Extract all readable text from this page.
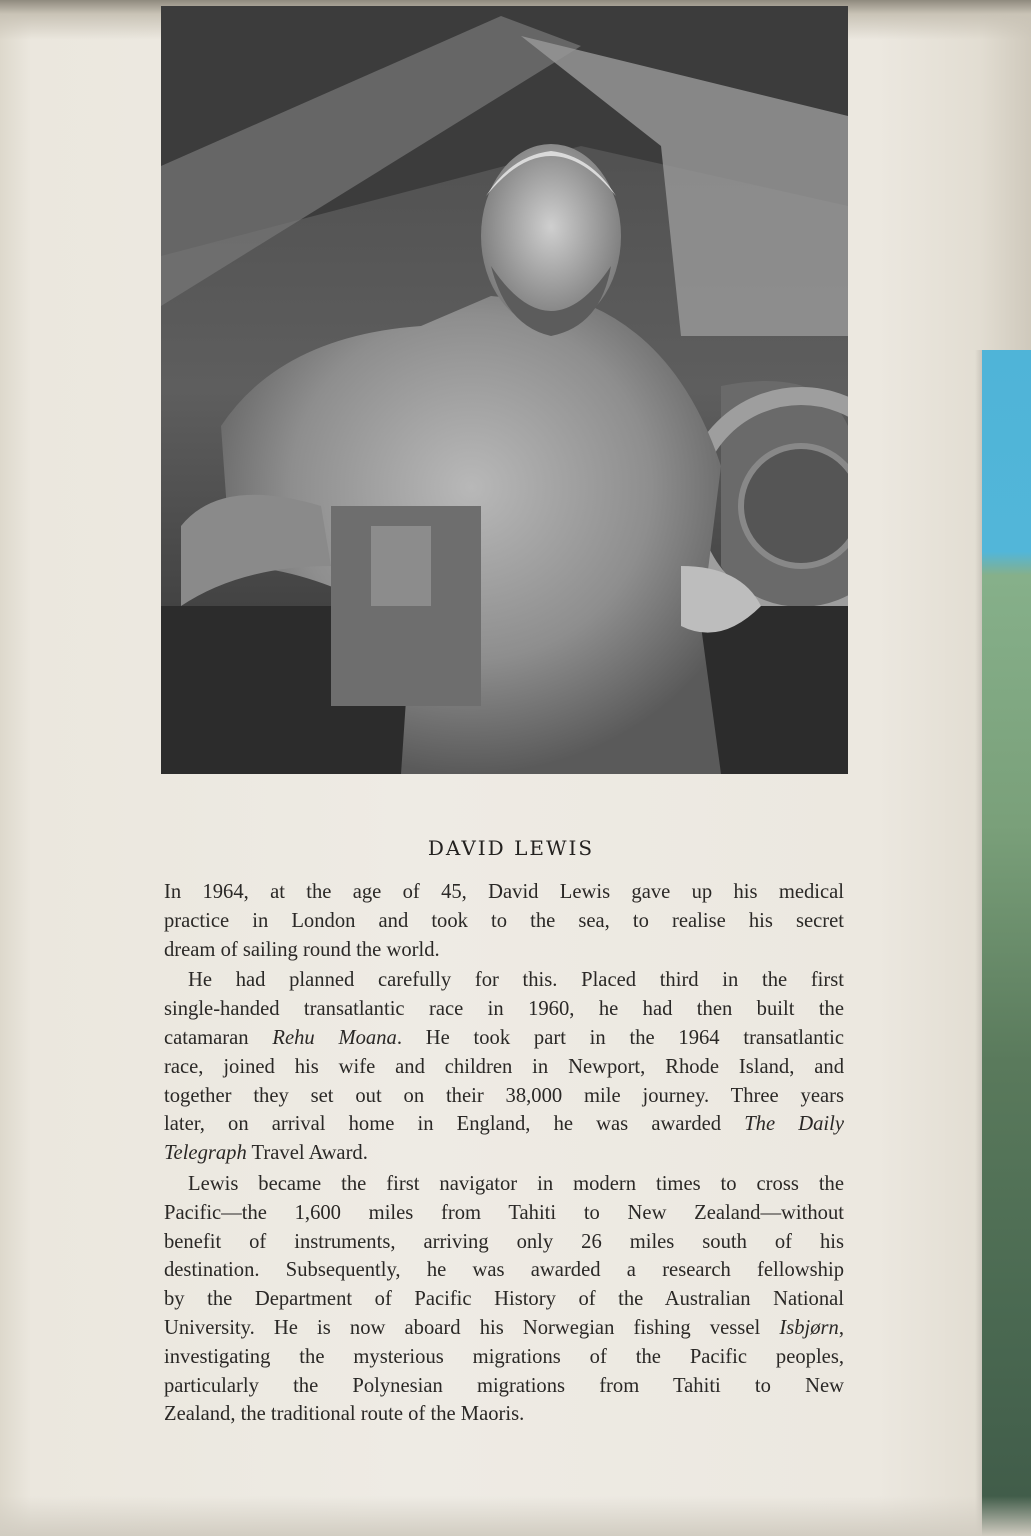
DAVID LEWIS

In 1964, at the age of 45, David Lewis gave up his medical
practice in London and took to the sea, to realise his secret
dream of sailing round the world.

He had planned carefully for this. Placed third in the first
single-handed transatlantic race in 1960, he had then built the
catamaran Rehu Moana. He took part in the 1964 transatlantic
race, joined his wife and children in Newport, Rhode Island, and
together they set out on their 38,000 mile journey. Three years
later, on arrival home in England, he was awarded The Daily
Telegraph Travel Award.

Lewis became the first navigator in modern times to cross the
Pacific—the 1,600 miles from Tahiti to New Zealand—without
benefit of instruments, arriving only 26 miles south of his
destination. Subsequently, he was awarded a research fellowship
by the Department of Pacific History of the Australian National
University. He is now aboard his Norwegian fishing vessel Isbjørn,
investigating the mysterious migrations of the Pacific peoples,
particularly the Polynesian migrations from Tahiti to New
Zealand, the traditional route of the Maoris.
